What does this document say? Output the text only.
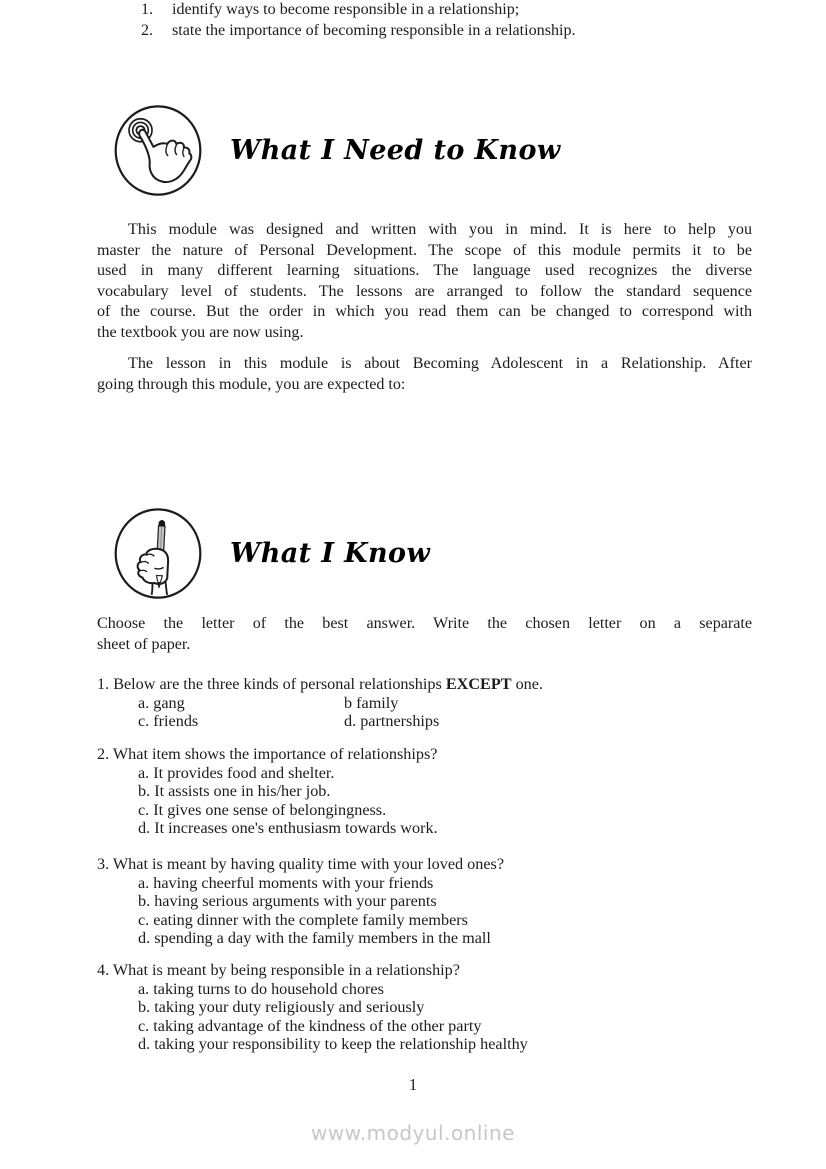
What I Need to Know
This module was designed and written with you in mind. It is here to help you
master the nature of Personal Development. The scope of this module permits it to be
used in many different learning situations. The language used recognizes the diverse
vocabulary level of students. The lessons are arranged to follow the standard sequence
of the course. But the order in which you read them can be changed to correspond with
the textbook you are now using.
The lesson in this module is about Becoming Adolescent in a Relationship. After
going through this module, you are expected to:
1. identify ways to become responsible in a relationship;
2. state the importance of becoming responsible in a relationship.
What I Know
Choose the letter of the best answer. Write the chosen letter on a separate
sheet of paper.
1. Below are the three kinds of personal relationships EXCEPT one.
a. gang	b family
c. friends	d. partnerships
2. What item shows the importance of relationships?
a. It provides food and shelter.
b. It assists one in his/her job.
c. It gives one sense of belongingness.
d. It increases one's enthusiasm towards work.
3. What is meant by having quality time with your loved ones?
a. having cheerful moments with your friends
b. having serious arguments with your parents
c. eating dinner with the complete family members
d. spending a day with the family members in the mall
4. What is meant by being responsible in a relationship?
a. taking turns to do household chores
b. taking your duty religiously and seriously
c. taking advantage of the kindness of the other party
d. taking your responsibility to keep the relationship healthy
1
www.modyul.online
